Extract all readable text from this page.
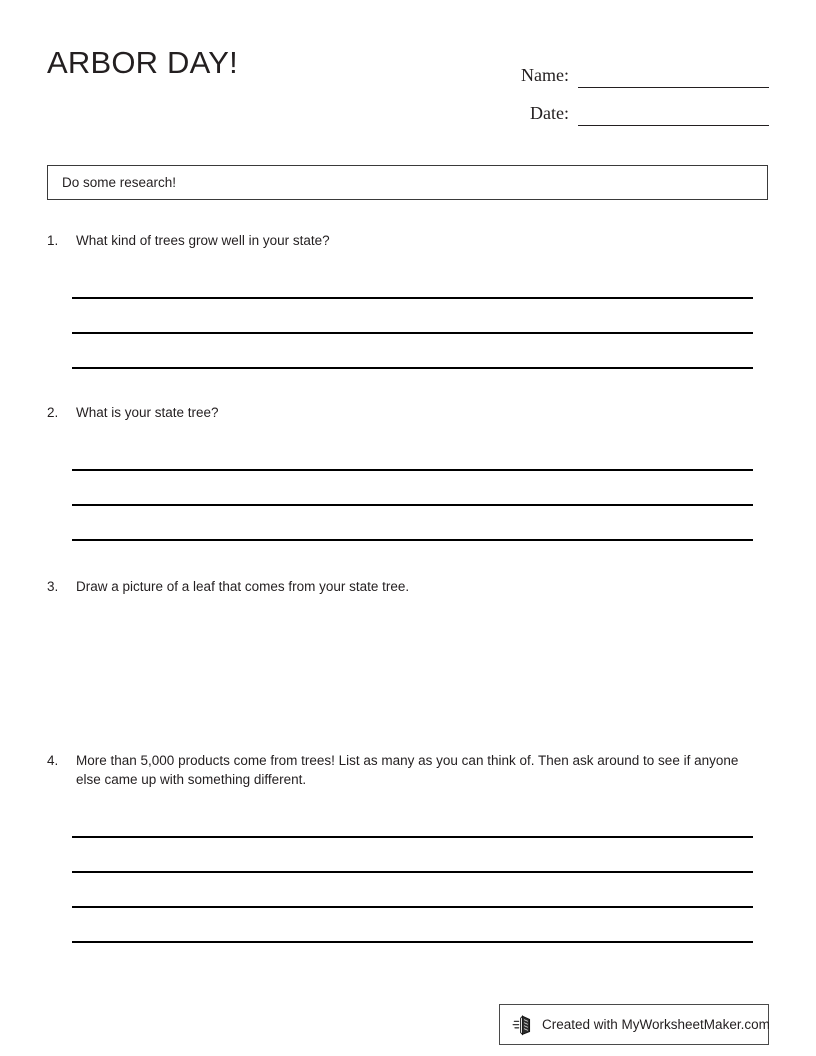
ARBOR DAY!	Name:
Date:
Do some research!
1.	What kind of trees grow well in your state?
2.	What is your state tree?
3.	Draw a picture of a leaf that comes from your state tree.
4.	More than 5,000 products come from trees! List as many as you can think of. Then ask around to see if anyone else came up with something different.
Created with MyWorksheetMaker.com
